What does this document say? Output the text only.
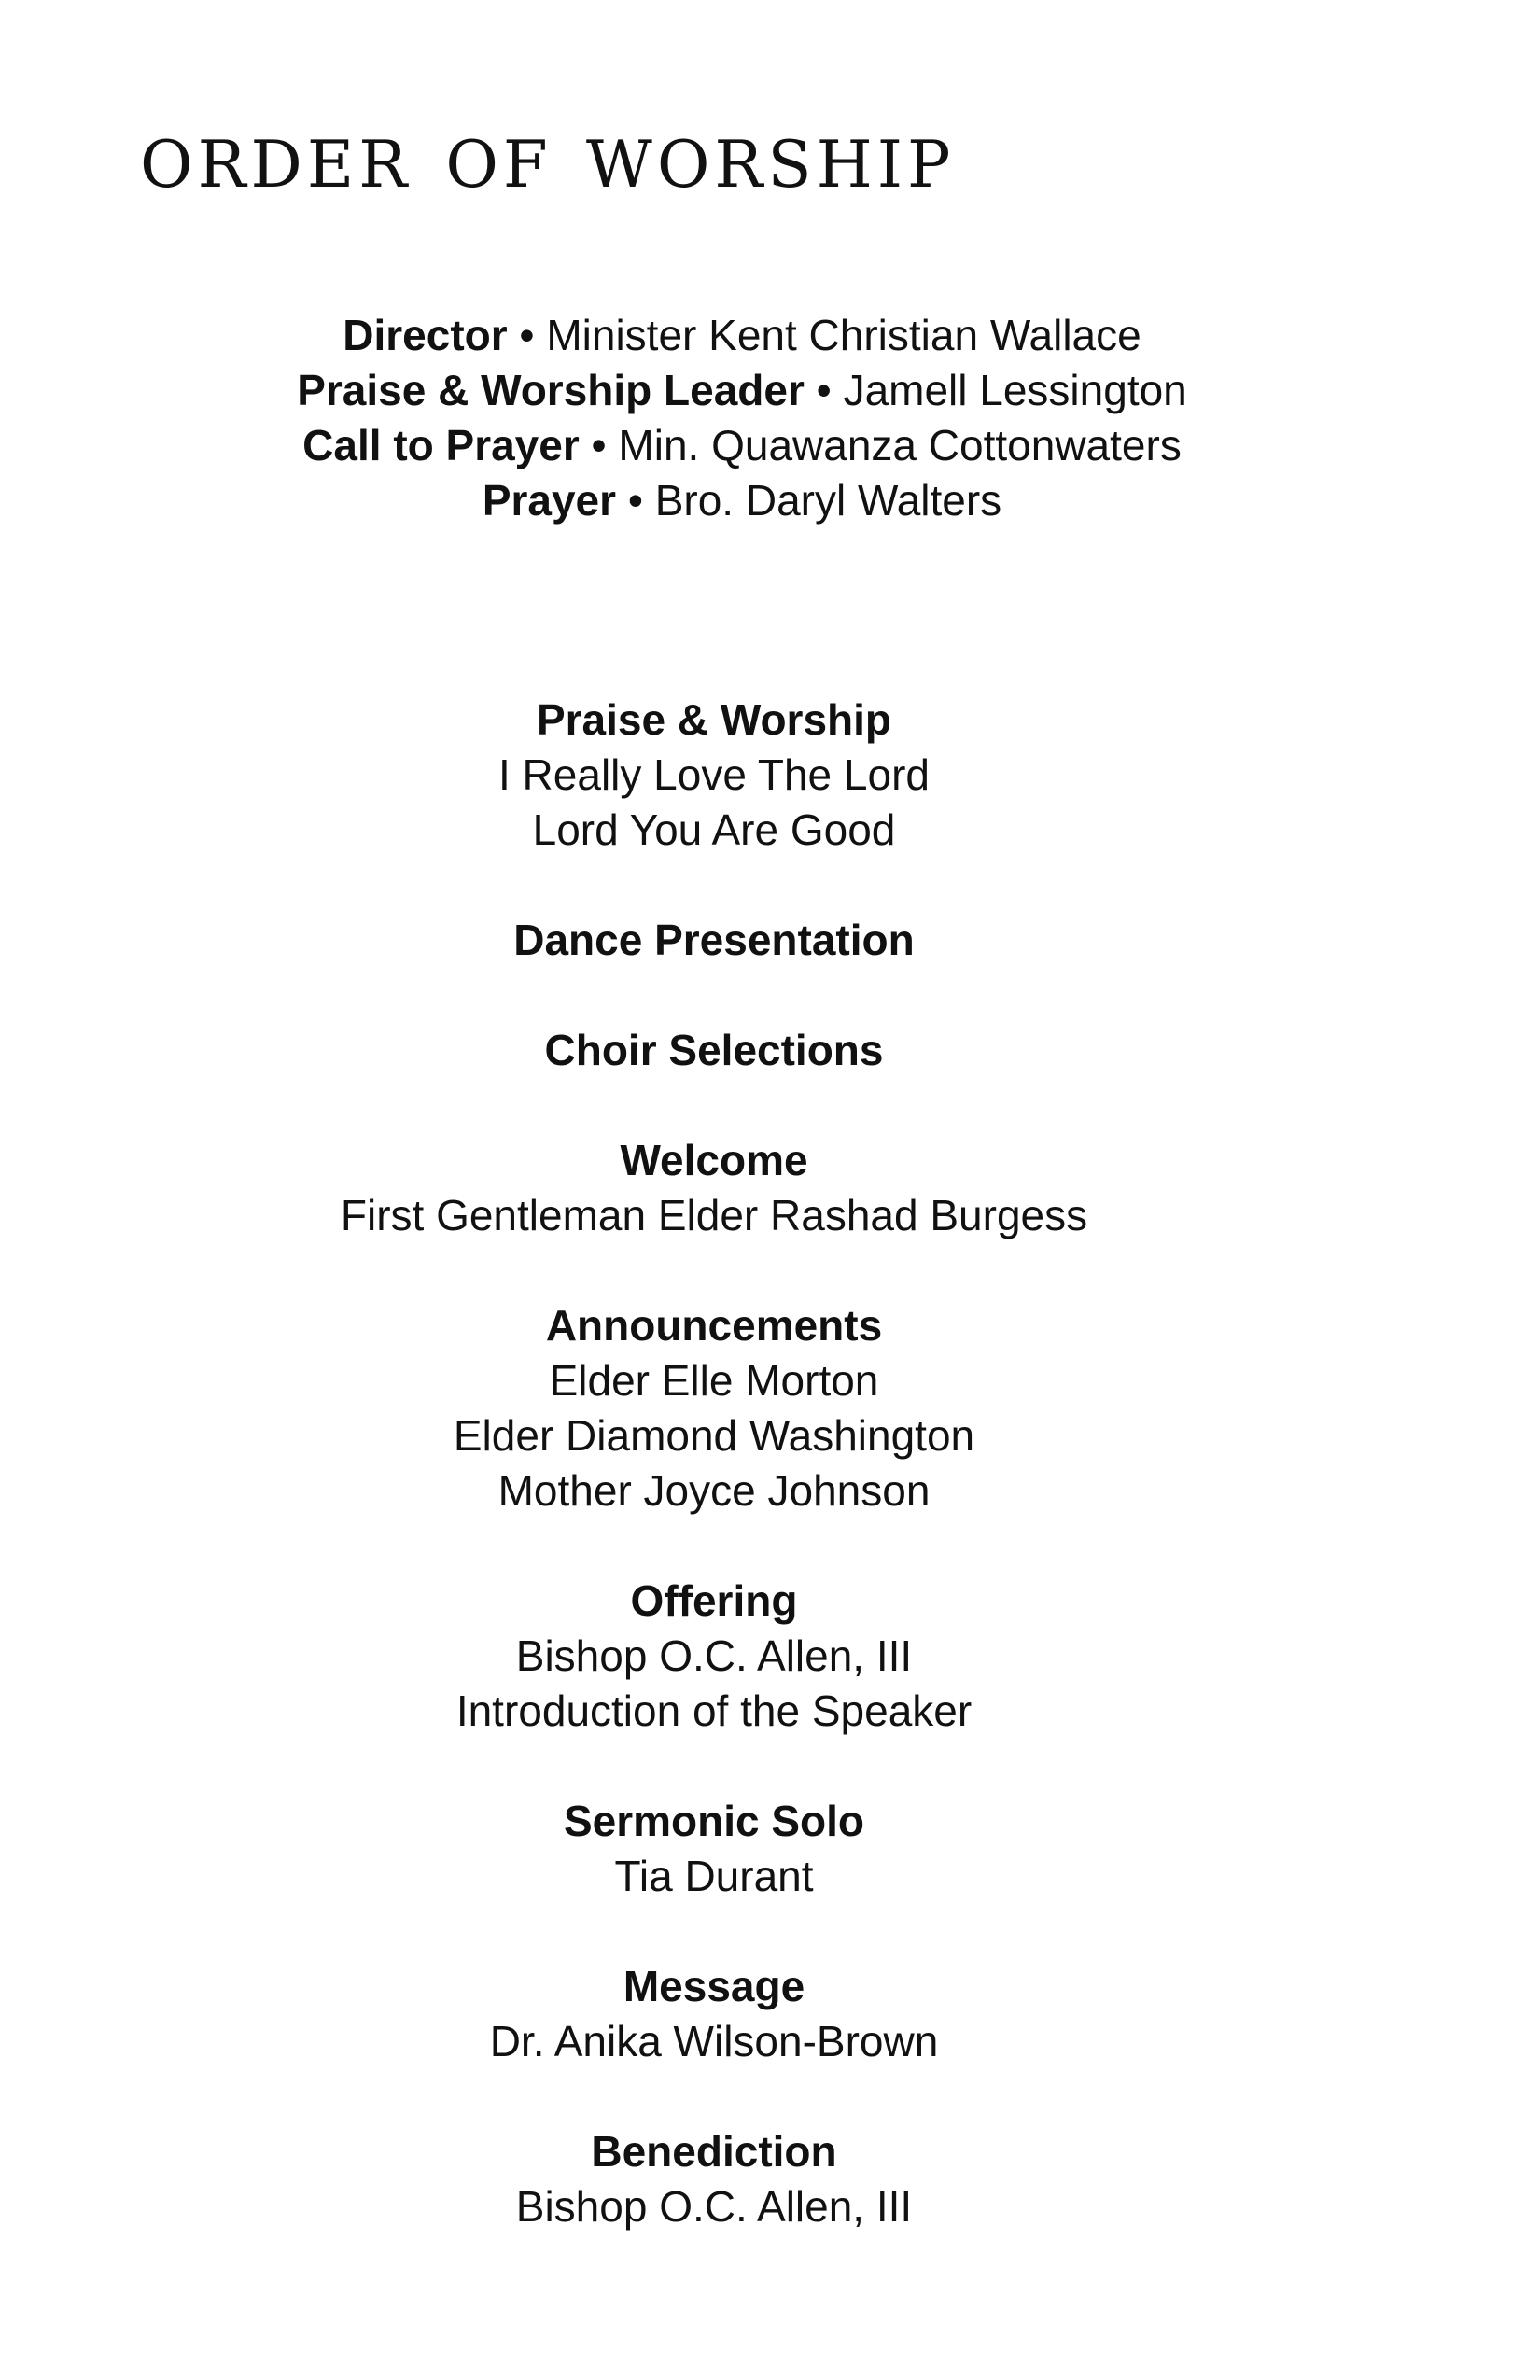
order of worship
Director • Minister Kent Christian Wallace
Praise & Worship Leader • Jamell Lessington
Call to Prayer • Min. Quawanza Cottonwaters
Prayer • Bro. Daryl Walters
Praise & Worship
I Really Love The Lord
Lord You Are Good
Dance Presentation
Choir Selections
Welcome
First Gentleman Elder Rashad Burgess
Announcements
Elder Elle Morton
Elder Diamond Washington
Mother Joyce Johnson
Offering
Bishop O.C. Allen, III
Introduction of the Speaker
Sermonic Solo
Tia Durant
Message
Dr. Anika Wilson-Brown
Benediction
Bishop O.C. Allen, III
